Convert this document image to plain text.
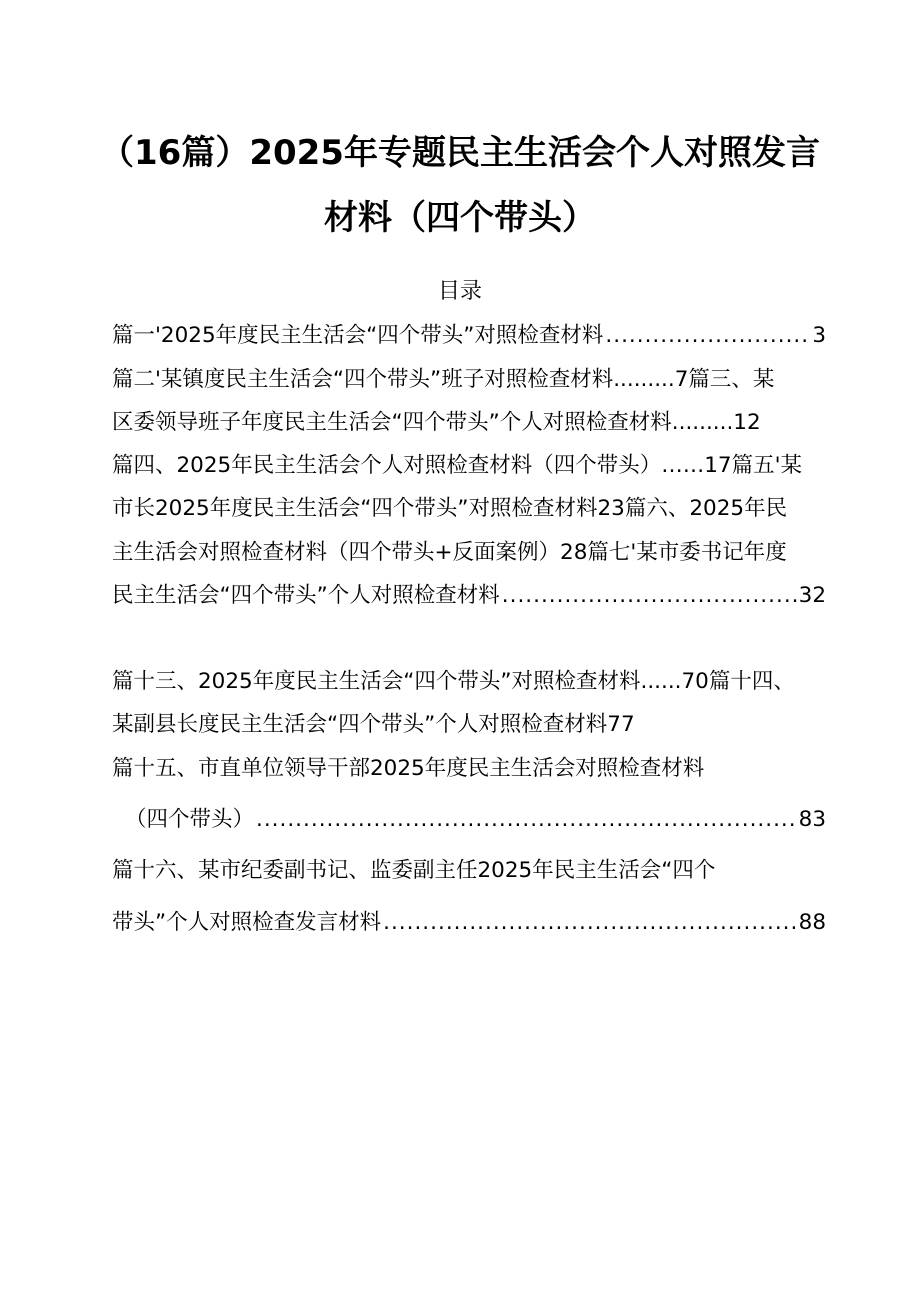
（16篇）2025年专题民主生活会个人对照发言
材料（四个带头）
目录
篇一'2025年度民主生活会“四个带头”对照检查材料 .....	3
篇二'某镇度民主生活会“四个带头”班子对照检查材料.........7篇三、某
区委领导班子年度民主生活会“四个带头”个人对照检查材料.........12
篇四、2025年民主生活会个人对照检查材料（四个带头）……17篇五'某
市长2025年度民主生活会“四个带头”对照检查材料23篇六、2025年民
主生活会对照检查材料（四个带头+反面案例）28篇七'某市委书记年度
民主生活会“四个带头”个人对照检查材料 .....	32
篇十三、2025年度民主生活会“四个带头”对照检查材料......70篇十四、
某副县长度民主生活会“四个带头”个人对照检查材料77
篇十五、市直单位领导干部2025年度民主生活会对照检查材料
（四个带头） .....	83
篇十六、某市纪委副书记、监委副主任2025年民主生活会“四个
带头”个人对照检查发言材料 .....	88
